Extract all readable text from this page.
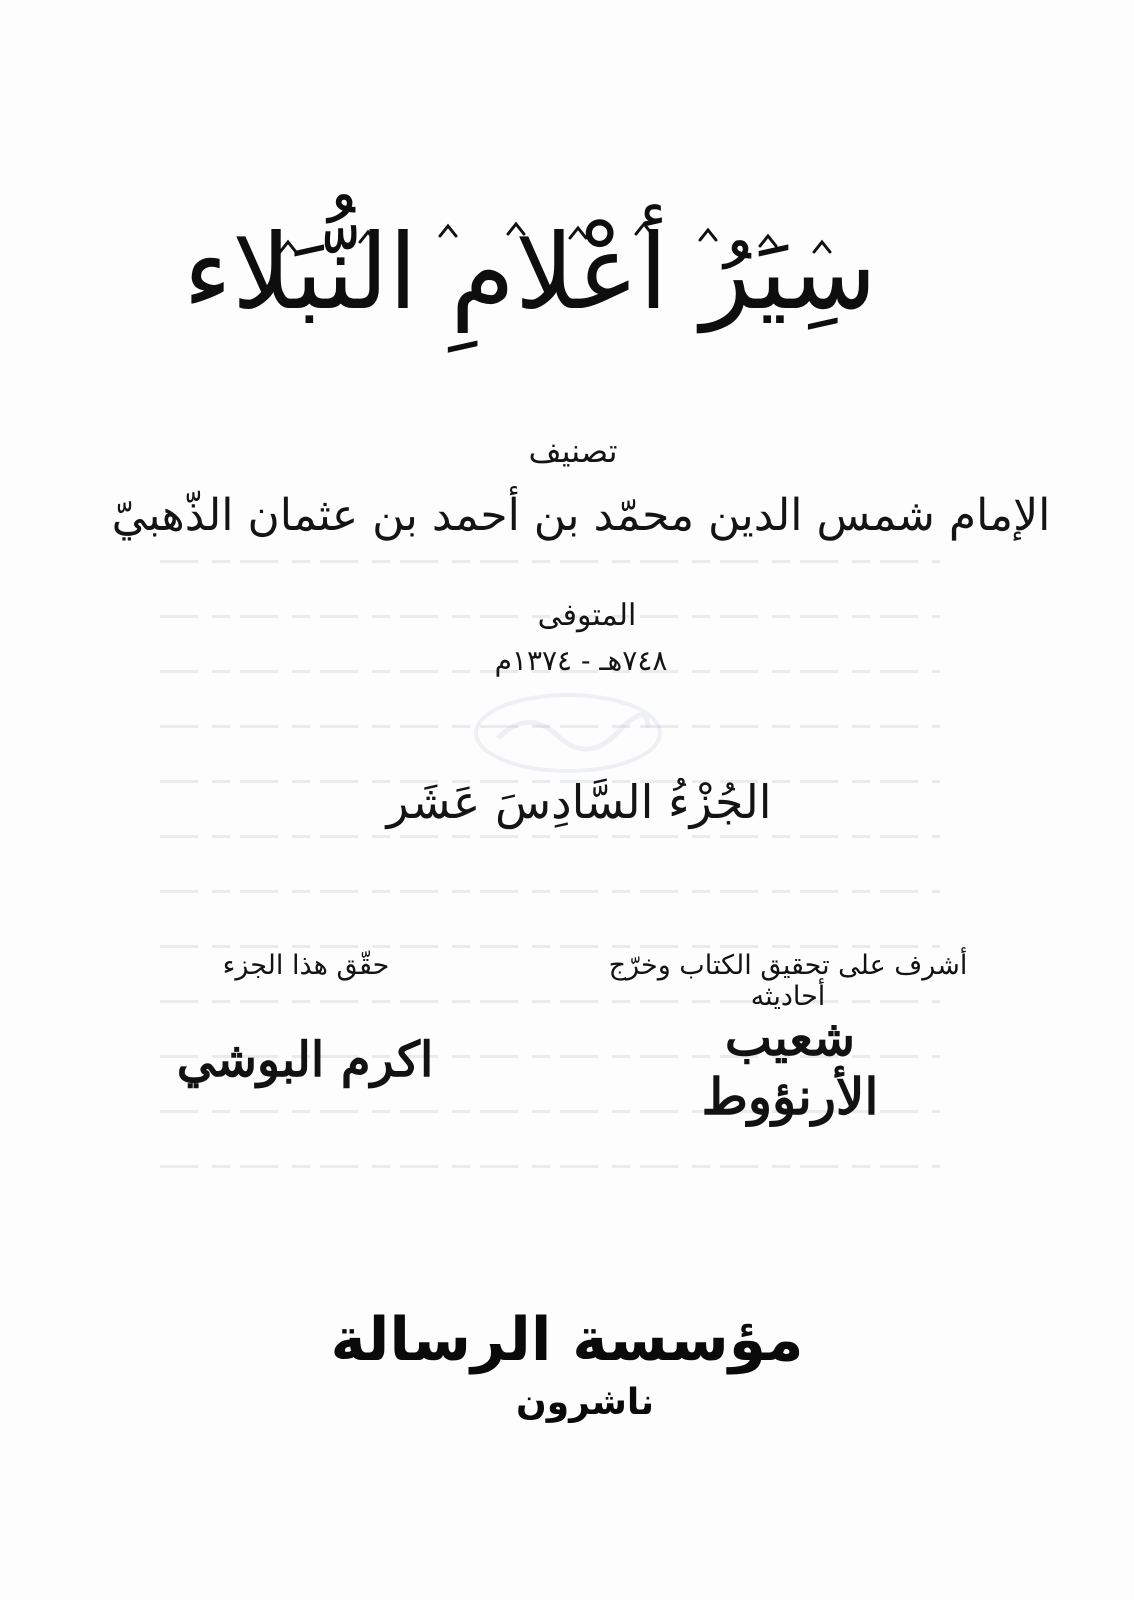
سِيَرُ أعْلامِ النُّبَلاء
تصنيف
الإمام شمس الدين محمّد بن أحمد بن عثمان الذّهبيّ
المتوفى
٧٤٨هـ - ١٣٧٤م
الجُزْءُ السَّادِسَ عَشَر
أشرف على تحقيق الكتاب وخرّج أحاديثه
شعيب الأرنؤوط
حقّق هذا الجزء
اكرم البوشي
مؤسسة الرسالة
ناشرون
